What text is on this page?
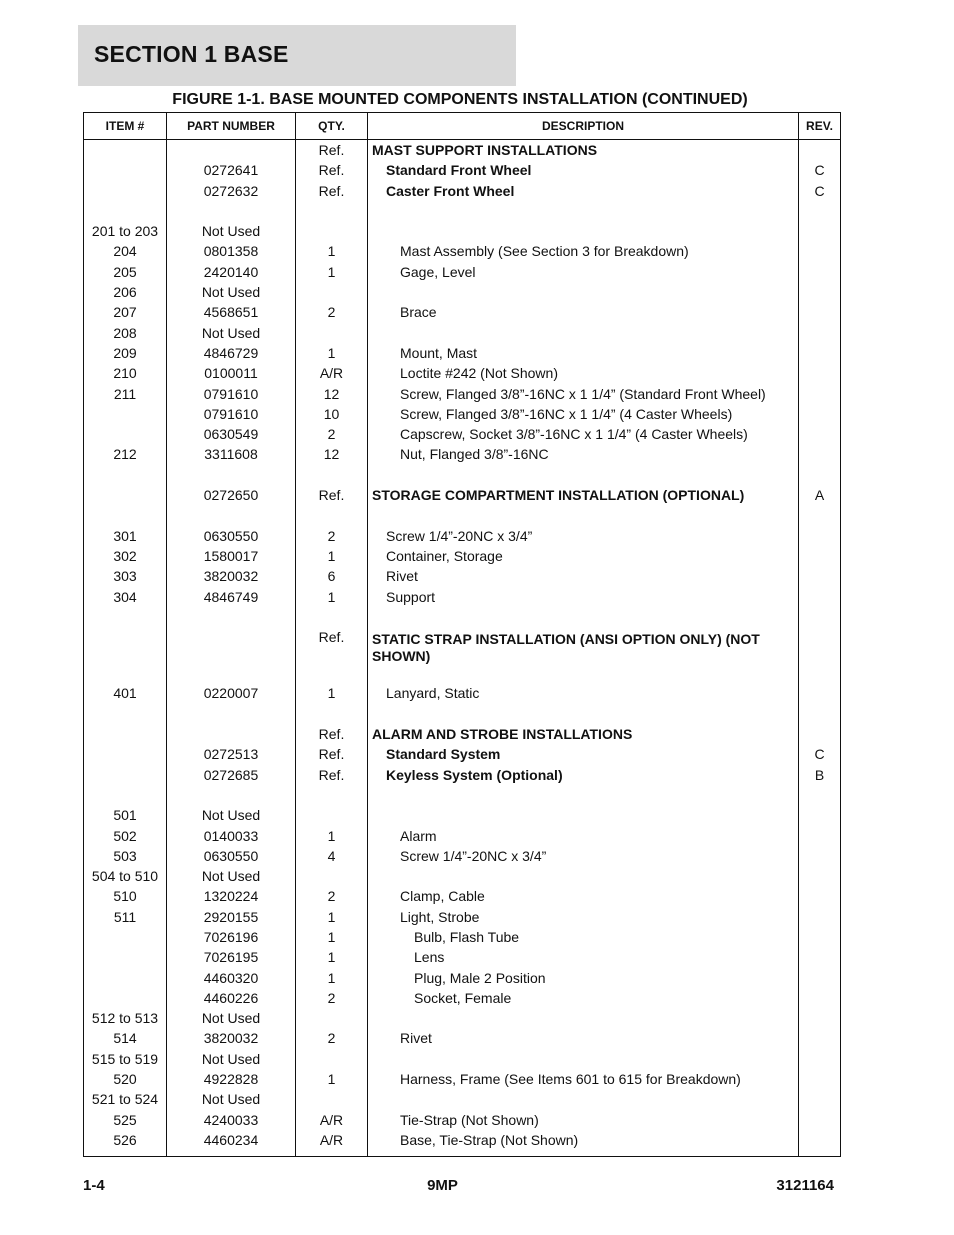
SECTION 1 BASE
FIGURE 1-1. BASE MOUNTED COMPONENTS INSTALLATION (CONTINUED)
ITEM #	PART NUMBER	QTY.	DESCRIPTION	REV.
		Ref.	MAST SUPPORT INSTALLATIONS	
	0272641	Ref.	Standard Front Wheel	C
	0272632	Ref.	Caster Front Wheel	C

201 to 203	Not Used			
204	0801358	1	Mast Assembly (See Section 3 for Breakdown)	
205	2420140	1	Gage, Level	
206	Not Used			
207	4568651	2	Brace	
208	Not Used			
209	4846729	1	Mount, Mast	
210	0100011	A/R	Loctite #242 (Not Shown)	
211	0791610	12	Screw, Flanged 3/8”-16NC x 1 1/4” (Standard Front Wheel)	
	0791610	10	Screw, Flanged 3/8”-16NC x 1 1/4” (4 Caster Wheels)	
	0630549	2	Capscrew, Socket 3/8”-16NC x 1 1/4” (4 Caster Wheels)	
212	3311608	12	Nut, Flanged 3/8”-16NC	

	0272650	Ref.	STORAGE COMPARTMENT INSTALLATION (OPTIONAL)	A

301	0630550	2	Screw 1/4”-20NC x 3/4”	
302	1580017	1	Container, Storage	
303	3820032	6	Rivet	
304	4846749	1	Support	

		Ref.	STATIC STRAP INSTALLATION (ANSI OPTION ONLY) (NOT SHOWN)	

401	0220007	1	Lanyard, Static	

		Ref.	ALARM AND STROBE INSTALLATIONS	
	0272513	Ref.	Standard System	C
	0272685	Ref.	Keyless System (Optional)	B

501	Not Used			
502	0140033	1	Alarm	
503	0630550	4	Screw 1/4”-20NC x 3/4”	
504 to 510	Not Used			
510	1320224	2	Clamp, Cable	
511	2920155	1	Light, Strobe	
	7026196	1	Bulb, Flash Tube	
	7026195	1	Lens	
	4460320	1	Plug, Male 2 Position	
	4460226	2	Socket, Female	
512 to 513	Not Used			
514	3820032	2	Rivet	
515 to 519	Not Used			
520	4922828	1	Harness, Frame (See Items 601 to 615 for Breakdown)	
521 to 524	Not Used			
525	4240033	A/R	Tie-Strap (Not Shown)	
526	4460234	A/R	Base, Tie-Strap (Not Shown)	
1-4	9MP	3121164
